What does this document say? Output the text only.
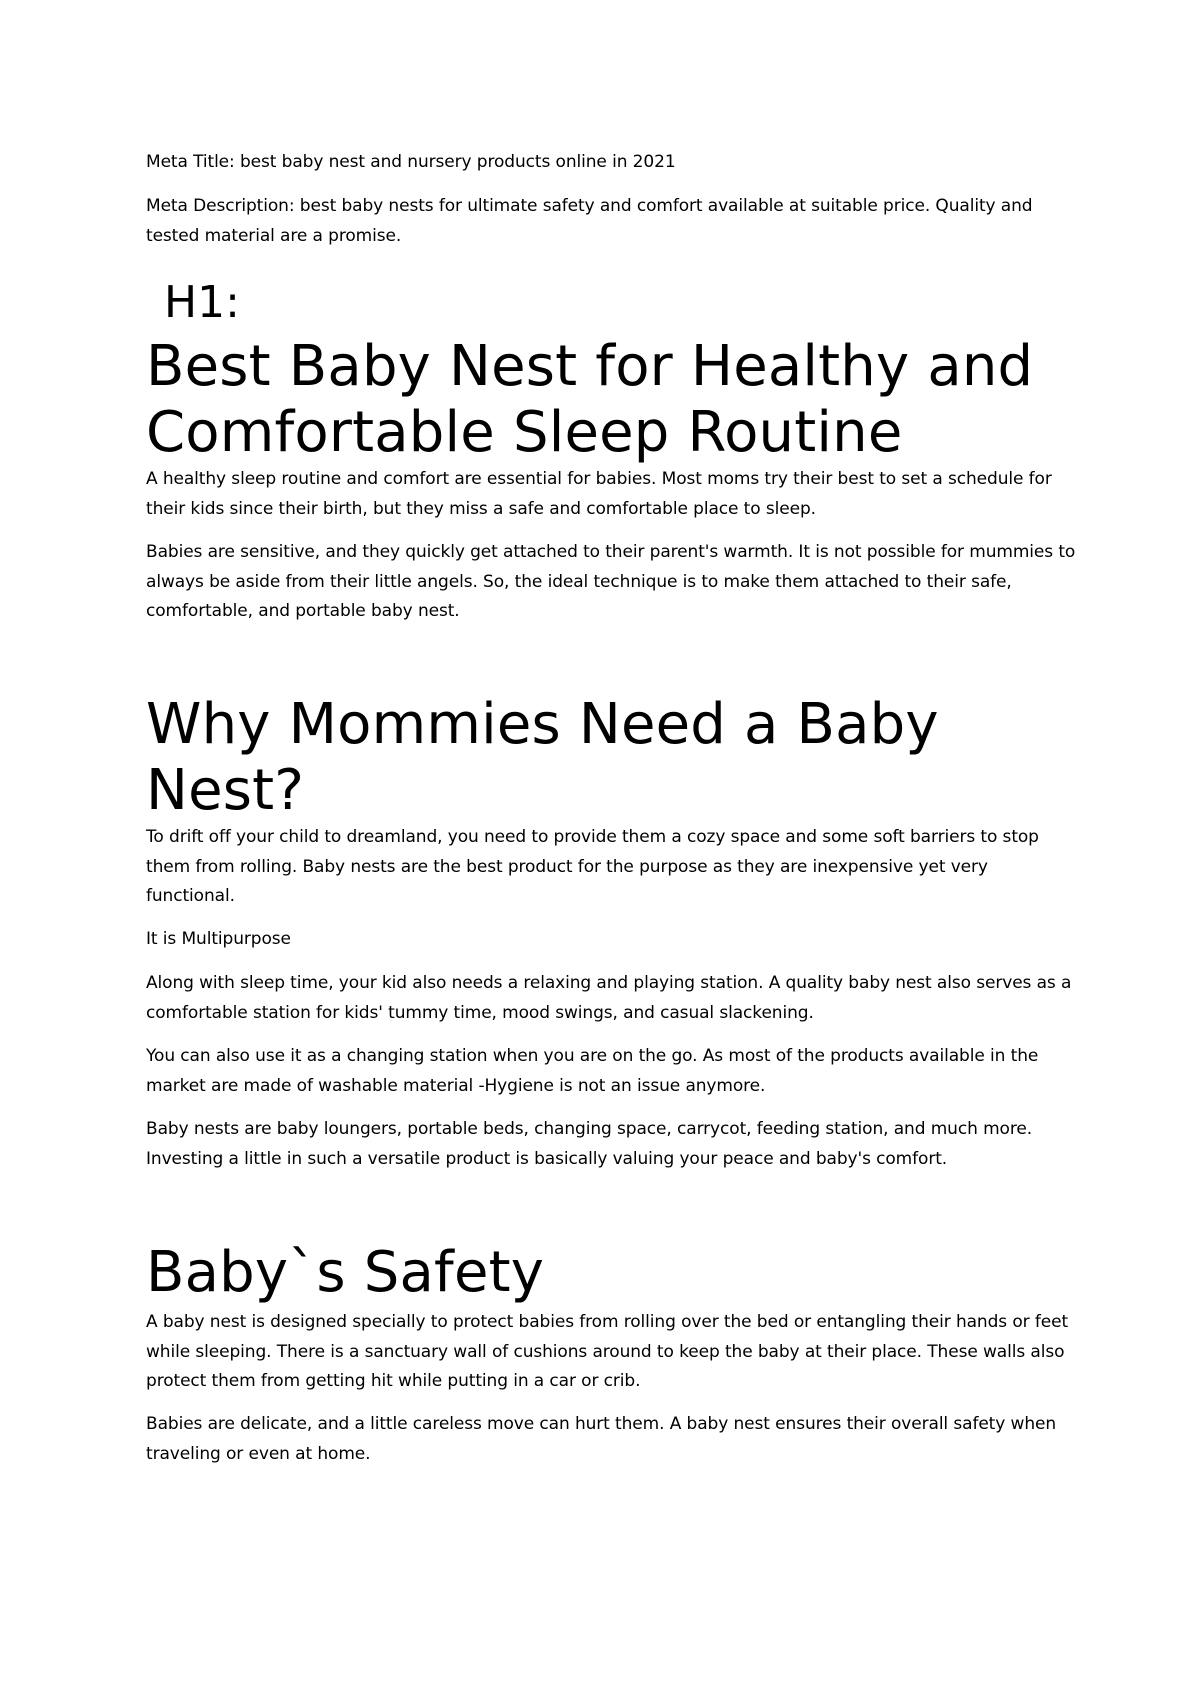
Meta Title: best baby nest and nursery products online in 2021

Meta Description: best baby nests for ultimate safety and comfort available at suitable price. Quality and tested material are a promise.

H1:
Best Baby Nest for Healthy and Comfortable Sleep Routine

A healthy sleep routine and comfort are essential for babies. Most moms try their best to set a schedule for their kids since their birth, but they miss a safe and comfortable place to sleep.

Babies are sensitive, and they quickly get attached to their parent's warmth. It is not possible for mummies to always be aside from their little angels. So, the ideal technique is to make them attached to their safe, comfortable, and portable baby nest.

Why Mommies Need a Baby Nest?

To drift off your child to dreamland, you need to provide them a cozy space and some soft barriers to stop them from rolling. Baby nests are the best product for the purpose as they are inexpensive yet very functional.

It is Multipurpose

Along with sleep time, your kid also needs a relaxing and playing station. A quality baby nest also serves as a comfortable station for kids' tummy time, mood swings, and casual slackening.

You can also use it as a changing station when you are on the go. As most of the products available in the market are made of washable material -Hygiene is not an issue anymore.

Baby nests are baby loungers, portable beds, changing space, carrycot, feeding station, and much more. Investing a little in such a versatile product is basically valuing your peace and baby's comfort.

Baby`s Safety

A baby nest is designed specially to protect babies from rolling over the bed or entangling their hands or feet while sleeping. There is a sanctuary wall of cushions around to keep the baby at their place. These walls also protect them from getting hit while putting in a car or crib.

Babies are delicate, and a little careless move can hurt them. A baby nest ensures their overall safety when traveling or even at home.
